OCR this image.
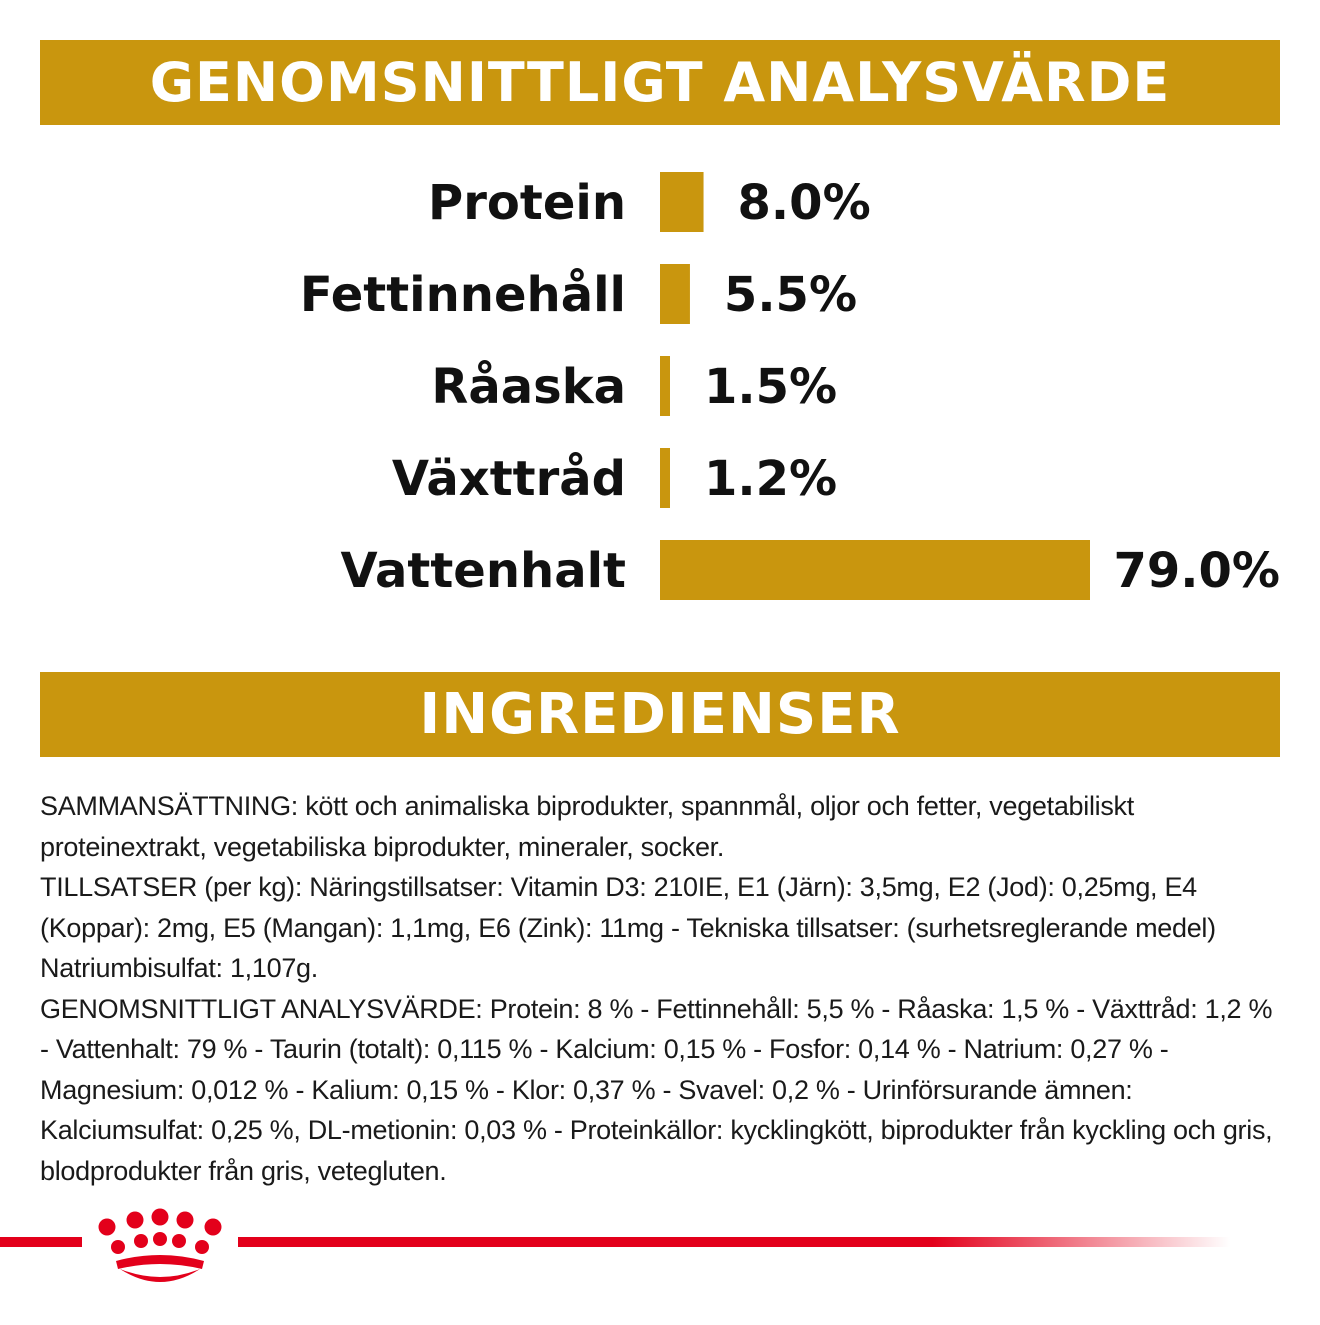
GENOMSNITTLIGT ANALYSVÄRDE
Protein 8.0%
Fettinnehåll 5.5%
Råaska 1.5%
Växttråd 1.2%
Vattenhalt	79.0%
INGREDIENSER

SAMMANSÄTTNING: kött och animaliska biprodukter, spannmål, oljor och fetter, vegetabiliskt proteinextrakt, vegetabiliska biprodukter, mineraler, socker.

TILLSATSER (per kg): Näringstillsatser: Vitamin D3: 210IE, E1 (Järn): 3,5mg, E2 (Jod): 0,25mg, E4 (Koppar): 2mg, E5 (Mangan): 1,1mg, E6 (Zink): 11mg - Tekniska tillsatser: (surhetsreglerande medel) Natriumbisulfat: 1,107g.

GENOMSNITTLIGT ANALYSVÄRDE: Protein: 8 % - Fettinnehåll: 5,5 % - Råaska: 1,5 % - Växttråd: 1,2 % - Vattenhalt: 79 % - Taurin (totalt): 0,115 % - Kalcium: 0,15 % - Fosfor: 0,14 % - Natrium: 0,27 % - Magnesium: 0,012 % - Kalium: 0,15 % - Klor: 0,37 % - Svavel: 0,2 % - Urinförsurande ämnen: Kalciumsulfat: 0,25 %, DL-metionin: 0,03 % - Proteinkällor: kycklingkött, biprodukter från kyckling och gris, blodprodukter från gris, vetegluten.
